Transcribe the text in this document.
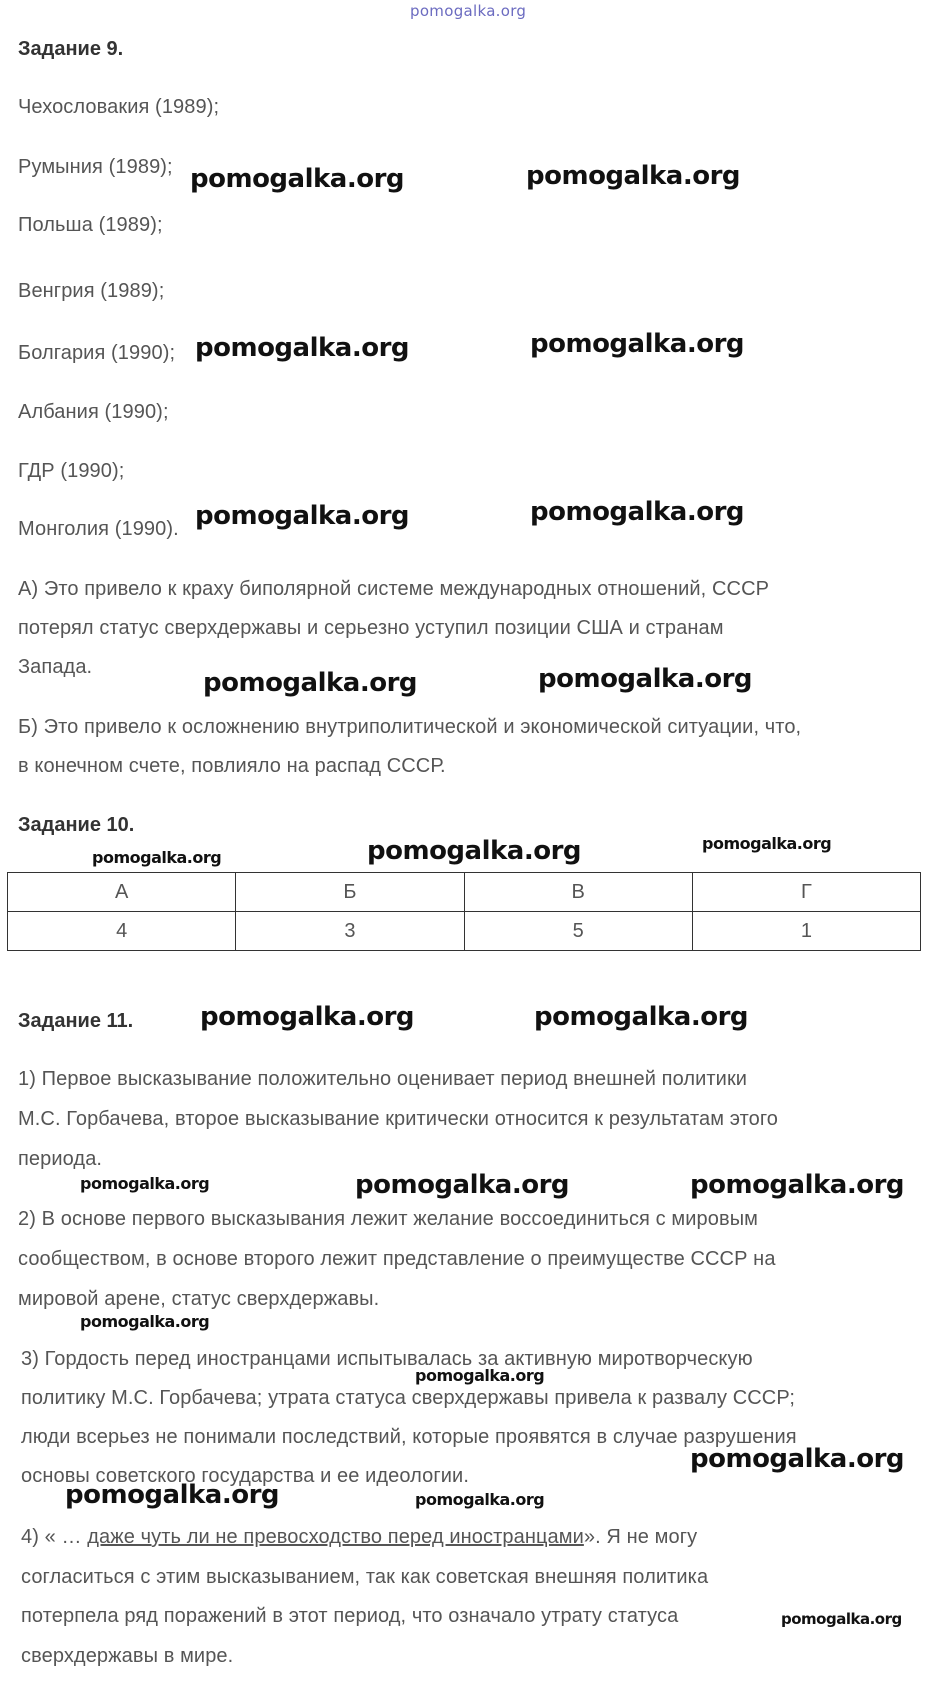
pomogalka.org
Задание 9.
Чехословакия (1989);
Румыния (1989);
Польша (1989);
Венгрия (1989);
Болгария (1990);
Албания (1990);
ГДР (1990);
Монголия (1990).
А) Это привело к краху биполярной системе международных отношений, СССР
потерял статус сверхдержавы и серьезно уступил позиции США и странам
Запада.
Б) Это привело к осложнению внутриполитической и экономической ситуации, что,
в конечном счете, повлияло на распад СССР.
Задание 10.
А	Б	В	Г
4	3	5	1
Задание 11.
1) Первое высказывание положительно оценивает период внешней политики
М.С. Горбачева, второе высказывание критически относится к результатам этого
периода.
2) В основе первого высказывания лежит желание воссоединиться с мировым
сообществом, в основе второго лежит представление о преимуществе СССР на
мировой арене, статус сверхдержавы.
3) Гордость перед иностранцами испытывалась за активную миротворческую
политику М.С. Горбачева; утрата статуса сверхдержавы привела к развалу СССР;
люди всерьез не понимали последствий, которые проявятся в случае разрушения
основы советского государства и ее идеологии.
4) « … даже чуть ли не превосходство перед иностранцами». Я не могу
согласиться с этим высказыванием, так как советская внешняя политика
потерпела ряд поражений в этот период, что означало утрату статуса
сверхдержавы в мире.
pomogalka.org	pomogalka.org
pomogalka.org	pomogalka.org
pomogalka.org	pomogalka.org
pomogalka.org	pomogalka.org
pomogalka.org	pomogalka.org	pomogalka.org
pomogalka.org	pomogalka.org
pomogalka.org	pomogalka.org	pomogalka.org
pomogalka.org
pomogalka.org
pomogalka.org
pomogalka.org	pomogalka.org
pomogalka.org
